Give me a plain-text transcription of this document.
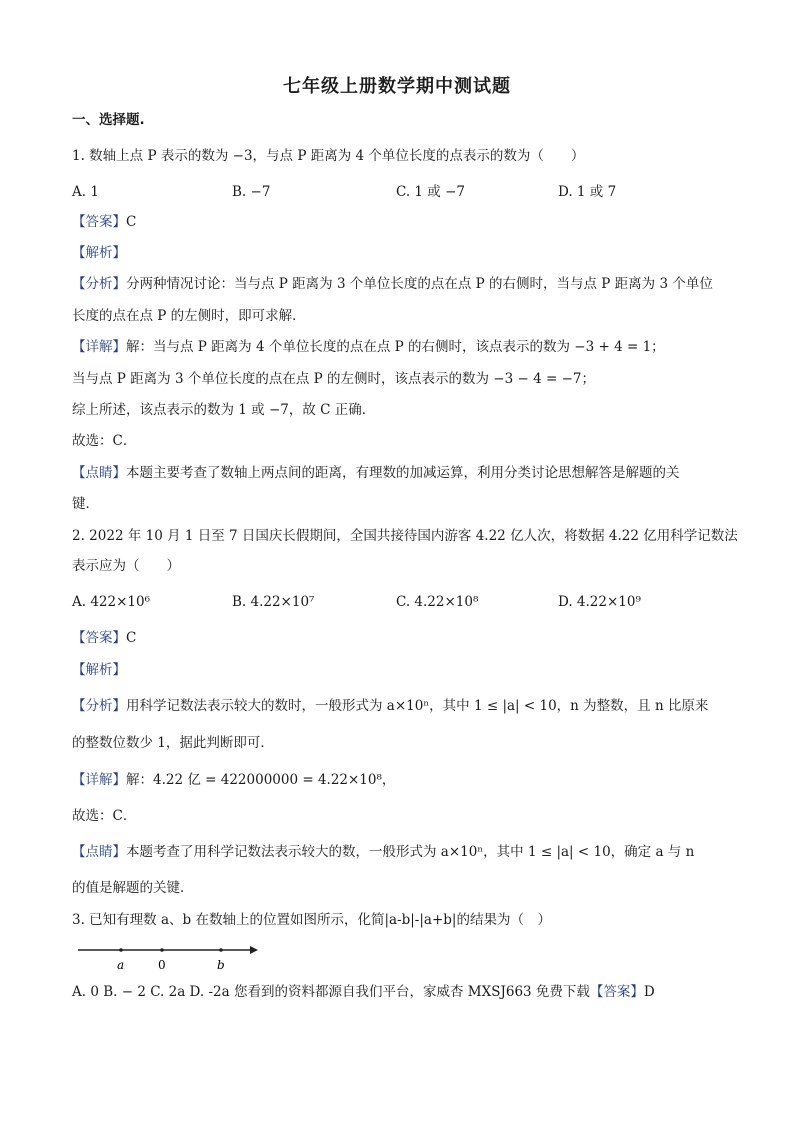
七年级上册数学期中测试题
一、选择题.
1. 数轴上点 P 表示的数为 −3，与点 P 距离为 4 个单位长度的点表示的数为（　　）
A. 1	B. −7	C. 1 或 −7	D. 1 或 7
【答案】C
【解析】
【分析】分两种情况讨论：当与点 P 距离为 3 个单位长度的点在点 P 的右侧时，当与点 P 距离为 3 个单位
长度的点在点 P 的左侧时，即可求解．
【详解】解：当与点 P 距离为 4 个单位长度的点在点 P 的右侧时，该点表示的数为 −3 + 4 = 1；
当与点 P 距离为 3 个单位长度的点在点 P 的左侧时，该点表示的数为 −3 − 4 = −7；
综上所述，该点表示的数为 1 或 −7，故 C 正确．
故选：C．
【点睛】本题主要考查了数轴上两点间的距离，有理数的加减运算，利用分类讨论思想解答是解题的关
键．
2. 2022 年 10 月 1 日至 7 日国庆长假期间，全国共接待国内游客 4.22 亿人次，将数据 4.22 亿用科学记数法
表示应为（　　）
A. 422×10⁶	B. 4.22×10⁷	C. 4.22×10⁸	D. 4.22×10⁹
【答案】C
【解析】
【分析】用科学记数法表示较大的数时，一般形式为 a×10ⁿ，其中 1 ≤ |a| < 10，n 为整数，且 n 比原来
的整数位数少 1，据此判断即可．
【详解】解：4.22 亿 = 422000000 = 4.22×10⁸，
故选：C．
【点睛】本题考查了用科学记数法表示较大的数，一般形式为 a×10ⁿ，其中 1 ≤ |a| < 10，确定 a 与 n
的值是解题的关键．
3. 已知有理数 a、b 在数轴上的位置如图所示，化简|a-b|-|a+b|的结果为（　）
a	0	b
A. 0 B. − 2 C. 2a D. -2a 您看到的资料都源自我们平台，家威杏 MXSJ663 免费下载【答案】D
